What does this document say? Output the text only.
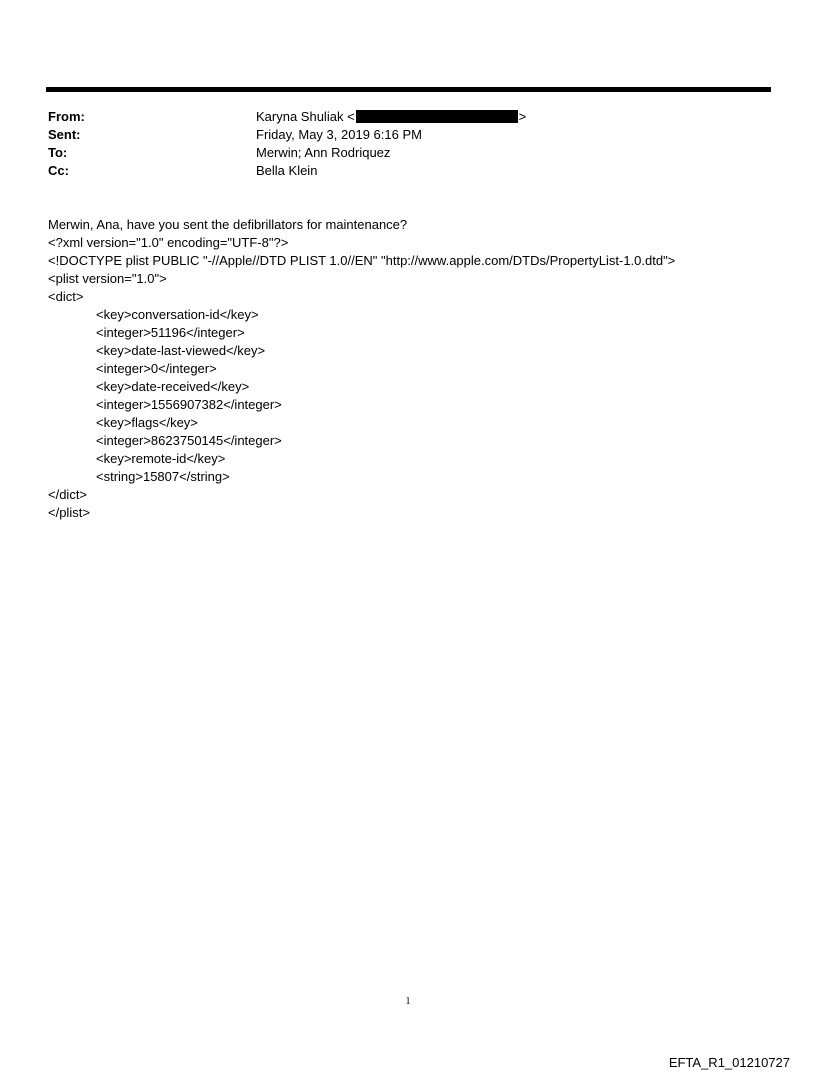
From:	Karyna Shuliak <	>
Sent:	Friday, May 3, 2019 6:16 PM
To:	Merwin; Ann Rodriquez
Cc:	Bella Klein
Merwin, Ana, have you sent the defibrillators for maintenance?
<?xml version="1.0" encoding="UTF-8"?>
<!DOCTYPE plist PUBLIC "-//Apple//DTD PLIST 1.0//EN" "http://www.apple.com/DTDs/PropertyList-1.0.dtd">
<plist version="1.0">
<dict>
<key>conversation-id</key>
<integer>51196</integer>
<key>date-last-viewed</key>
<integer>0</integer>
<key>date-received</key>
<integer>1556907382</integer>
<key>flags</key>
<integer>8623750145</integer>
<key>remote-id</key>
<string>15807</string>
</dict>
</plist>
1
EFTA_R1_01210727
